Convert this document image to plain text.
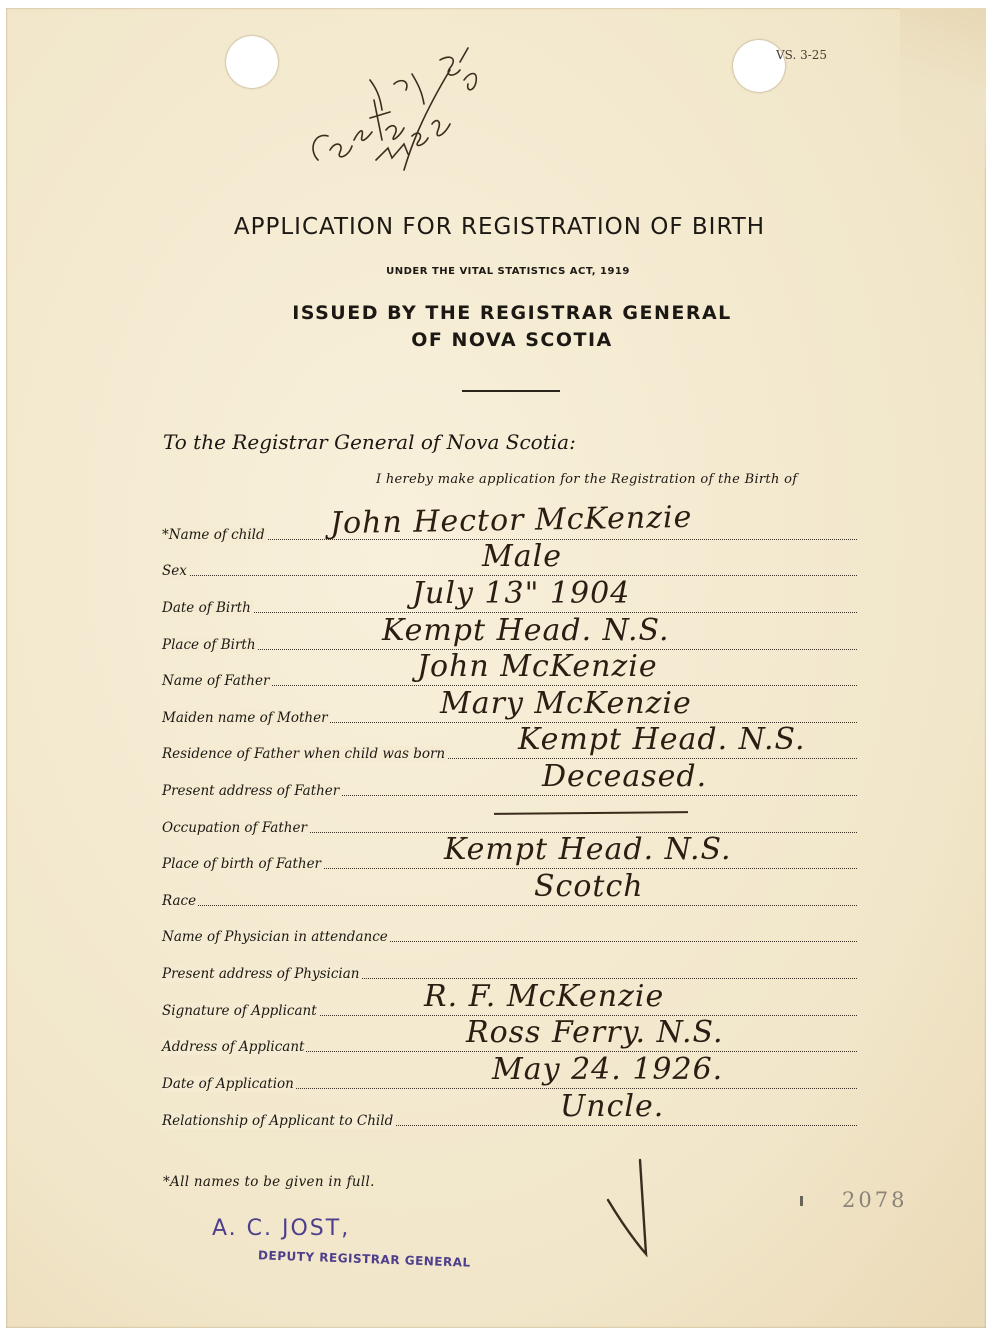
VS. 3-25
Certs sent May 27/26
APPLICATION FOR REGISTRATION OF BIRTH
UNDER THE VITAL STATISTICS ACT, 1919
ISSUED BY THE REGISTRAR GENERAL
OF NOVA SCOTIA
To the Registrar General of Nova Scotia:
I hereby make application for the Registration of the Birth of
*Name of child John Hector McKenzie
Sex	Male
Date of Birth	July 13" 1904
Place of Birth	Kempt Head. N.S.
Name of Father	John McKenzie
Maiden name of Mother	Mary McKenzie
Residence of Father when child was born Kempt Head. N.S.
Present address of Father	Deceased.
Occupation of Father
Place of birth of Father	Kempt Head. N.S.
Race	Scotch
Name of Physician in attendance
Present address of Physician
Signature of Applicant	R. F. McKenzie
Address of Applicant	Ross Ferry. N.S.
Date of Application	May 24. 1926.
Relationship of Applicant to Child	Uncle.
*All names to be given in full.
A. C. JOST,
DEPUTY REGISTRAR GENERAL
2078
